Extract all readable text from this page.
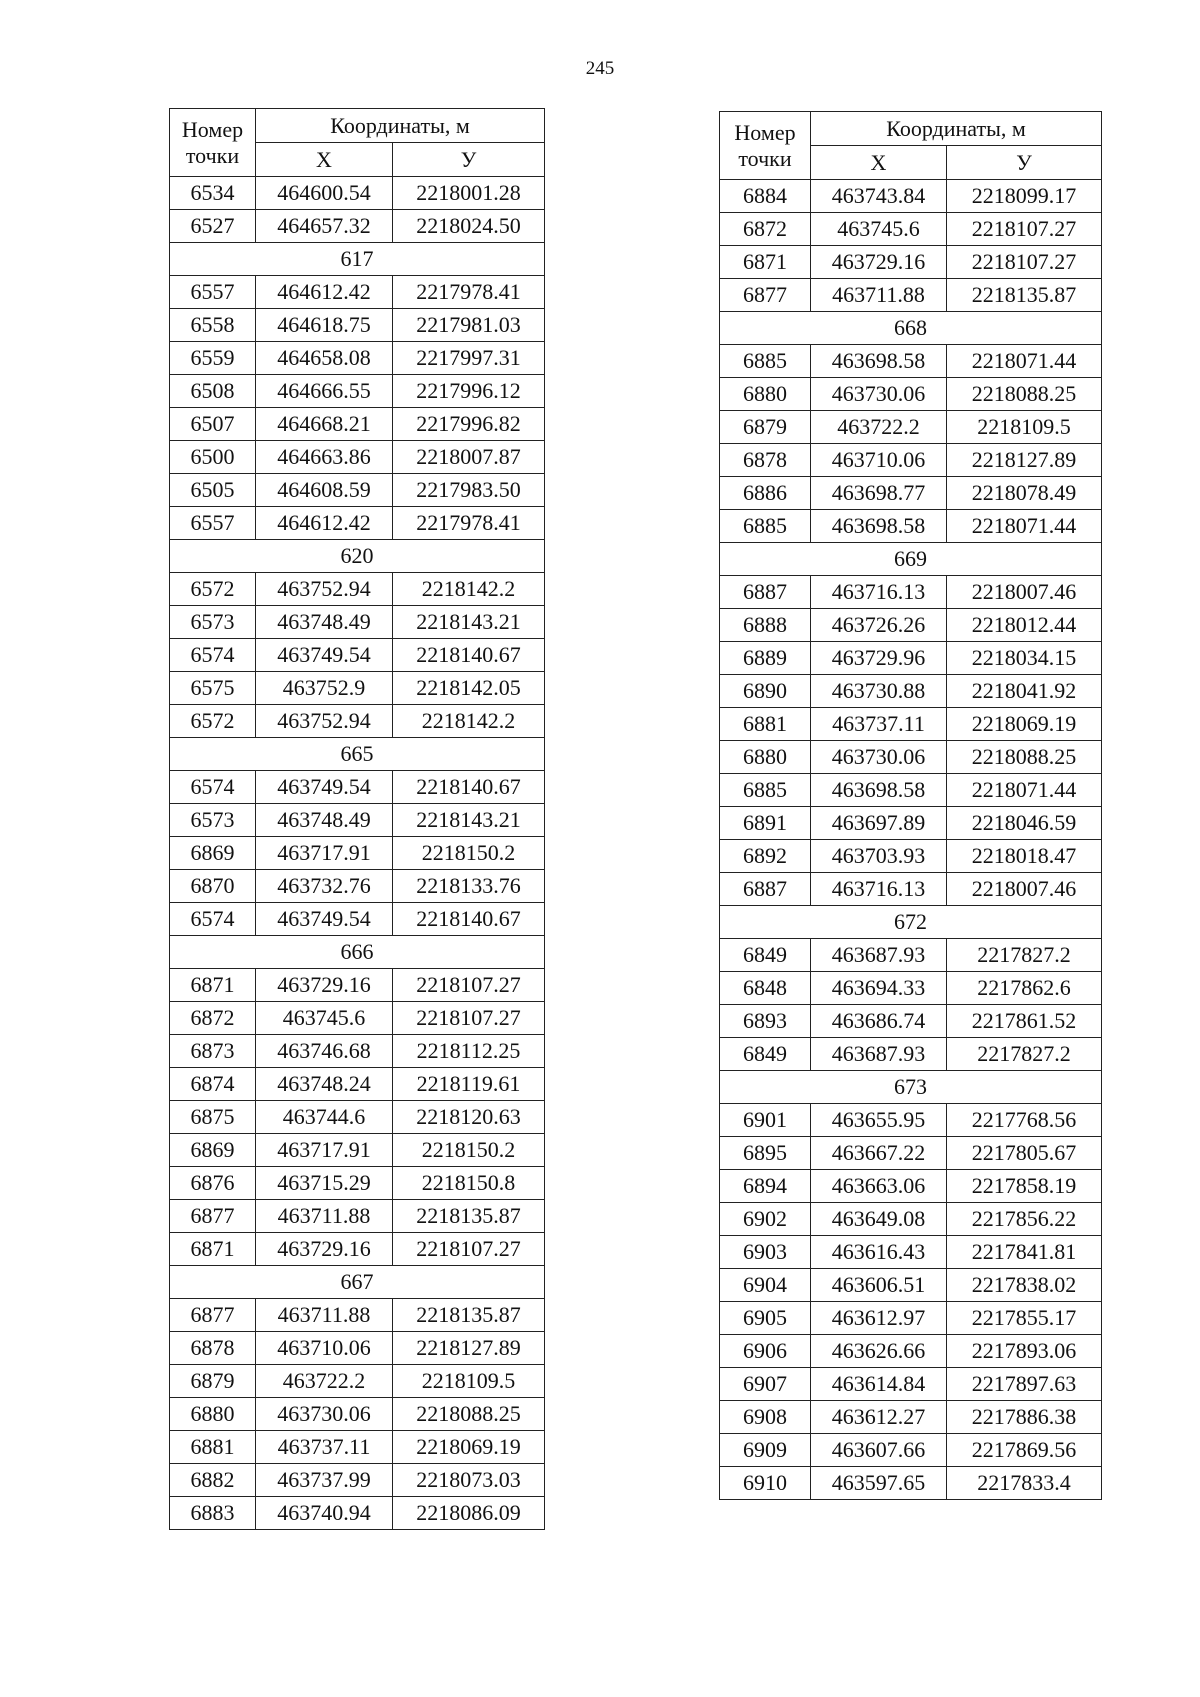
245
Номер
точки	Координаты, м	
	X	У
6534	464600.54	2218001.28
6527	464657.32	2218024.50
617		
6557	464612.42	2217978.41
6558	464618.75	2217981.03
6559	464658.08	2217997.31
6508	464666.55	2217996.12
6507	464668.21	2217996.82
6500	464663.86	2218007.87
6505	464608.59	2217983.50
6557	464612.42	2217978.41
620		
6572	463752.94	2218142.2
6573	463748.49	2218143.21
6574	463749.54	2218140.67
6575	463752.9	2218142.05
6572	463752.94	2218142.2
665		
6574	463749.54	2218140.67
6573	463748.49	2218143.21
6869	463717.91	2218150.2
6870	463732.76	2218133.76
6574	463749.54	2218140.67
666		
6871	463729.16	2218107.27
6872	463745.6	2218107.27
6873	463746.68	2218112.25
6874	463748.24	2218119.61
6875	463744.6	2218120.63
6869	463717.91	2218150.2
6876	463715.29	2218150.8
6877	463711.88	2218135.87
6871	463729.16	2218107.27
667		
6877	463711.88	2218135.87
6878	463710.06	2218127.89
6879	463722.2	2218109.5
6880	463730.06	2218088.25
6881	463737.11	2218069.19
6882	463737.99	2218073.03
6883	463740.94	2218086.09
Номер
точки	Координаты, м	
	X	У
6884	463743.84	2218099.17
6872	463745.6	2218107.27
6871	463729.16	2218107.27
6877	463711.88	2218135.87
668		
6885	463698.58	2218071.44
6880	463730.06	2218088.25
6879	463722.2	2218109.5
6878	463710.06	2218127.89
6886	463698.77	2218078.49
6885	463698.58	2218071.44
669		
6887	463716.13	2218007.46
6888	463726.26	2218012.44
6889	463729.96	2218034.15
6890	463730.88	2218041.92
6881	463737.11	2218069.19
6880	463730.06	2218088.25
6885	463698.58	2218071.44
6891	463697.89	2218046.59
6892	463703.93	2218018.47
6887	463716.13	2218007.46
672		
6849	463687.93	2217827.2
6848	463694.33	2217862.6
6893	463686.74	2217861.52
6849	463687.93	2217827.2
673		
6901	463655.95	2217768.56
6895	463667.22	2217805.67
6894	463663.06	2217858.19
6902	463649.08	2217856.22
6903	463616.43	2217841.81
6904	463606.51	2217838.02
6905	463612.97	2217855.17
6906	463626.66	2217893.06
6907	463614.84	2217897.63
6908	463612.27	2217886.38
6909	463607.66	2217869.56
6910	463597.65	2217833.4
